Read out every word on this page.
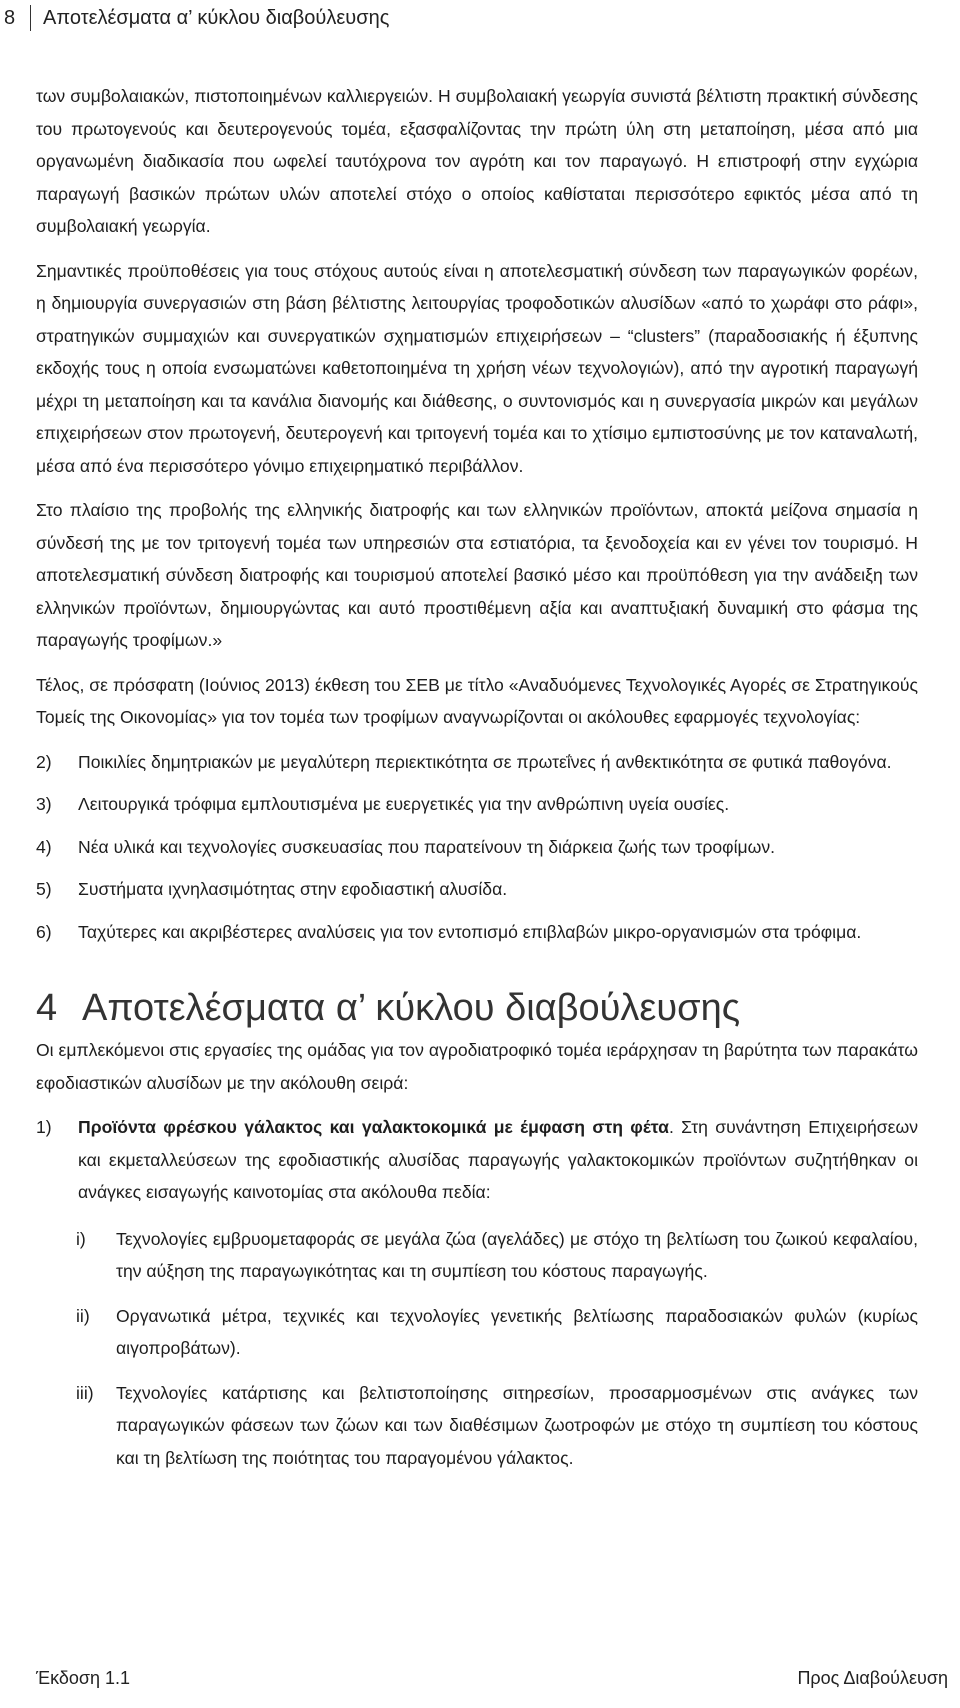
8	Αποτελέσματα α’ κύκλου διαβούλευσης

των συμβολαιακών, πιστοποιημένων καλλιεργειών. Η συμβολαιακή γεωργία συνιστά βέλτιστη πρακτική σύνδεσης του πρωτογενούς και δευτερογενούς τομέα, εξασφαλίζοντας την πρώτη ύλη στη μεταποίηση, μέσα από μια οργανωμένη διαδικασία που ωφελεί ταυτόχρονα τον αγρότη και τον παραγωγό. Η επιστροφή στην εγχώρια παραγωγή βασικών πρώτων υλών αποτελεί στόχο ο οποίος καθίσταται περισσότερο εφικτός μέσα από τη συμβολαιακή γεωργία.

Σημαντικές προϋποθέσεις για τους στόχους αυτούς είναι η αποτελεσματική σύνδεση των παραγωγικών φορέων, η δημιουργία συνεργασιών στη βάση βέλτιστης λειτουργίας τροφοδοτικών αλυσίδων «από το χωράφι στο ράφι», στρατηγικών συμμαχιών και συνεργατικών σχηματισμών επιχειρήσεων – “clusters” (παραδοσιακής ή έξυπνης εκδοχής τους η οποία ενσωματώνει καθετοποιημένα τη χρήση νέων τεχνολογιών), από την αγροτική παραγωγή μέχρι τη μεταποίηση και τα κανάλια διανομής και διάθεσης, ο συντονισμός και η συνεργασία μικρών και μεγάλων επιχειρήσεων στον πρωτογενή, δευτερογενή και τριτογενή τομέα και το χτίσιμο εμπιστοσύνης με τον καταναλωτή, μέσα από ένα περισσότερο γόνιμο επιχειρηματικό περιβάλλον.

Στο πλαίσιο της προβολής της ελληνικής διατροφής και των ελληνικών προϊόντων, αποκτά μείζονα σημασία η σύνδεσή της με τον τριτογενή τομέα των υπηρεσιών στα εστιατόρια, τα ξενοδοχεία και εν γένει τον τουρισμό. Η αποτελεσματική σύνδεση διατροφής και τουρισμού αποτελεί βασικό μέσο και προϋπόθεση για την ανάδειξη των ελληνικών προϊόντων, δημιουργώντας και αυτό προστιθέμενη αξία και αναπτυξιακή δυναμική στο φάσμα της παραγωγής τροφίμων.»

Τέλος, σε πρόσφατη (Ιούνιος 2013) έκθεση του ΣΕΒ με τίτλο «Αναδυόμενες Τεχνολογικές Αγορές σε Στρατηγικούς Τομείς της Οικονομίας» για τον τομέα των τροφίμων αναγνωρίζονται οι ακόλουθες εφαρμογές τεχνολογίας:

2)	Ποικιλίες δημητριακών με μεγαλύτερη περιεκτικότητα σε πρωτεΐνες ή ανθεκτικότητα σε φυτικά παθογόνα.
3)	Λειτουργικά τρόφιμα εμπλουτισμένα με ευεργετικές για την ανθρώπινη υγεία ουσίες.
4)	Νέα υλικά και τεχνολογίες συσκευασίας που παρατείνουν τη διάρκεια ζωής των τροφίμων.
5)	Συστήματα ιχνηλασιμότητας στην εφοδιαστική αλυσίδα.
6)	Ταχύτερες και ακριβέστερες αναλύσεις για τον εντοπισμό επιβλαβών μικρο-οργανισμών στα τρόφιμα.
4 Αποτελέσματα α’ κύκλου διαβούλευσης

Οι εμπλεκόμενοι στις εργασίες της ομάδας για τον αγροδιατροφικό τομέα ιεράρχησαν τη βαρύτητα των παρακάτω εφοδιαστικών αλυσίδων με την ακόλουθη σειρά:

1)	Προϊόντα φρέσκου γάλακτος και γαλακτοκομικά με έμφαση στη φέτα. Στη συνάντηση Επιχειρήσεων και εκμεταλλεύσεων της εφοδιαστικής αλυσίδας παραγωγής γαλακτοκομικών προϊόντων συζητήθηκαν οι ανάγκες εισαγωγής καινοτομίας στα ακόλουθα πεδία:
i)	Τεχνολογίες εμβρυομεταφοράς σε μεγάλα ζώα (αγελάδες) με στόχο τη βελτίωση του ζωικού κεφαλαίου, την αύξηση της παραγωγικότητας και τη συμπίεση του κόστους παραγωγής.
ii)	Οργανωτικά μέτρα, τεχνικές και τεχνολογίες γενετικής βελτίωσης παραδοσιακών φυλών (κυρίως αιγοπροβάτων).
iii)	Τεχνολογίες κατάρτισης και βελτιστοποίησης σιτηρεσίων, προσαρμοσμένων στις ανάγκες των παραγωγικών φάσεων των ζώων και των διαθέσιμων ζωοτροφών με στόχο τη συμπίεση του κόστους και τη βελτίωση της ποιότητας του παραγομένου γάλακτος.
Έκδοση 1.1	Προς Διαβούλευση
